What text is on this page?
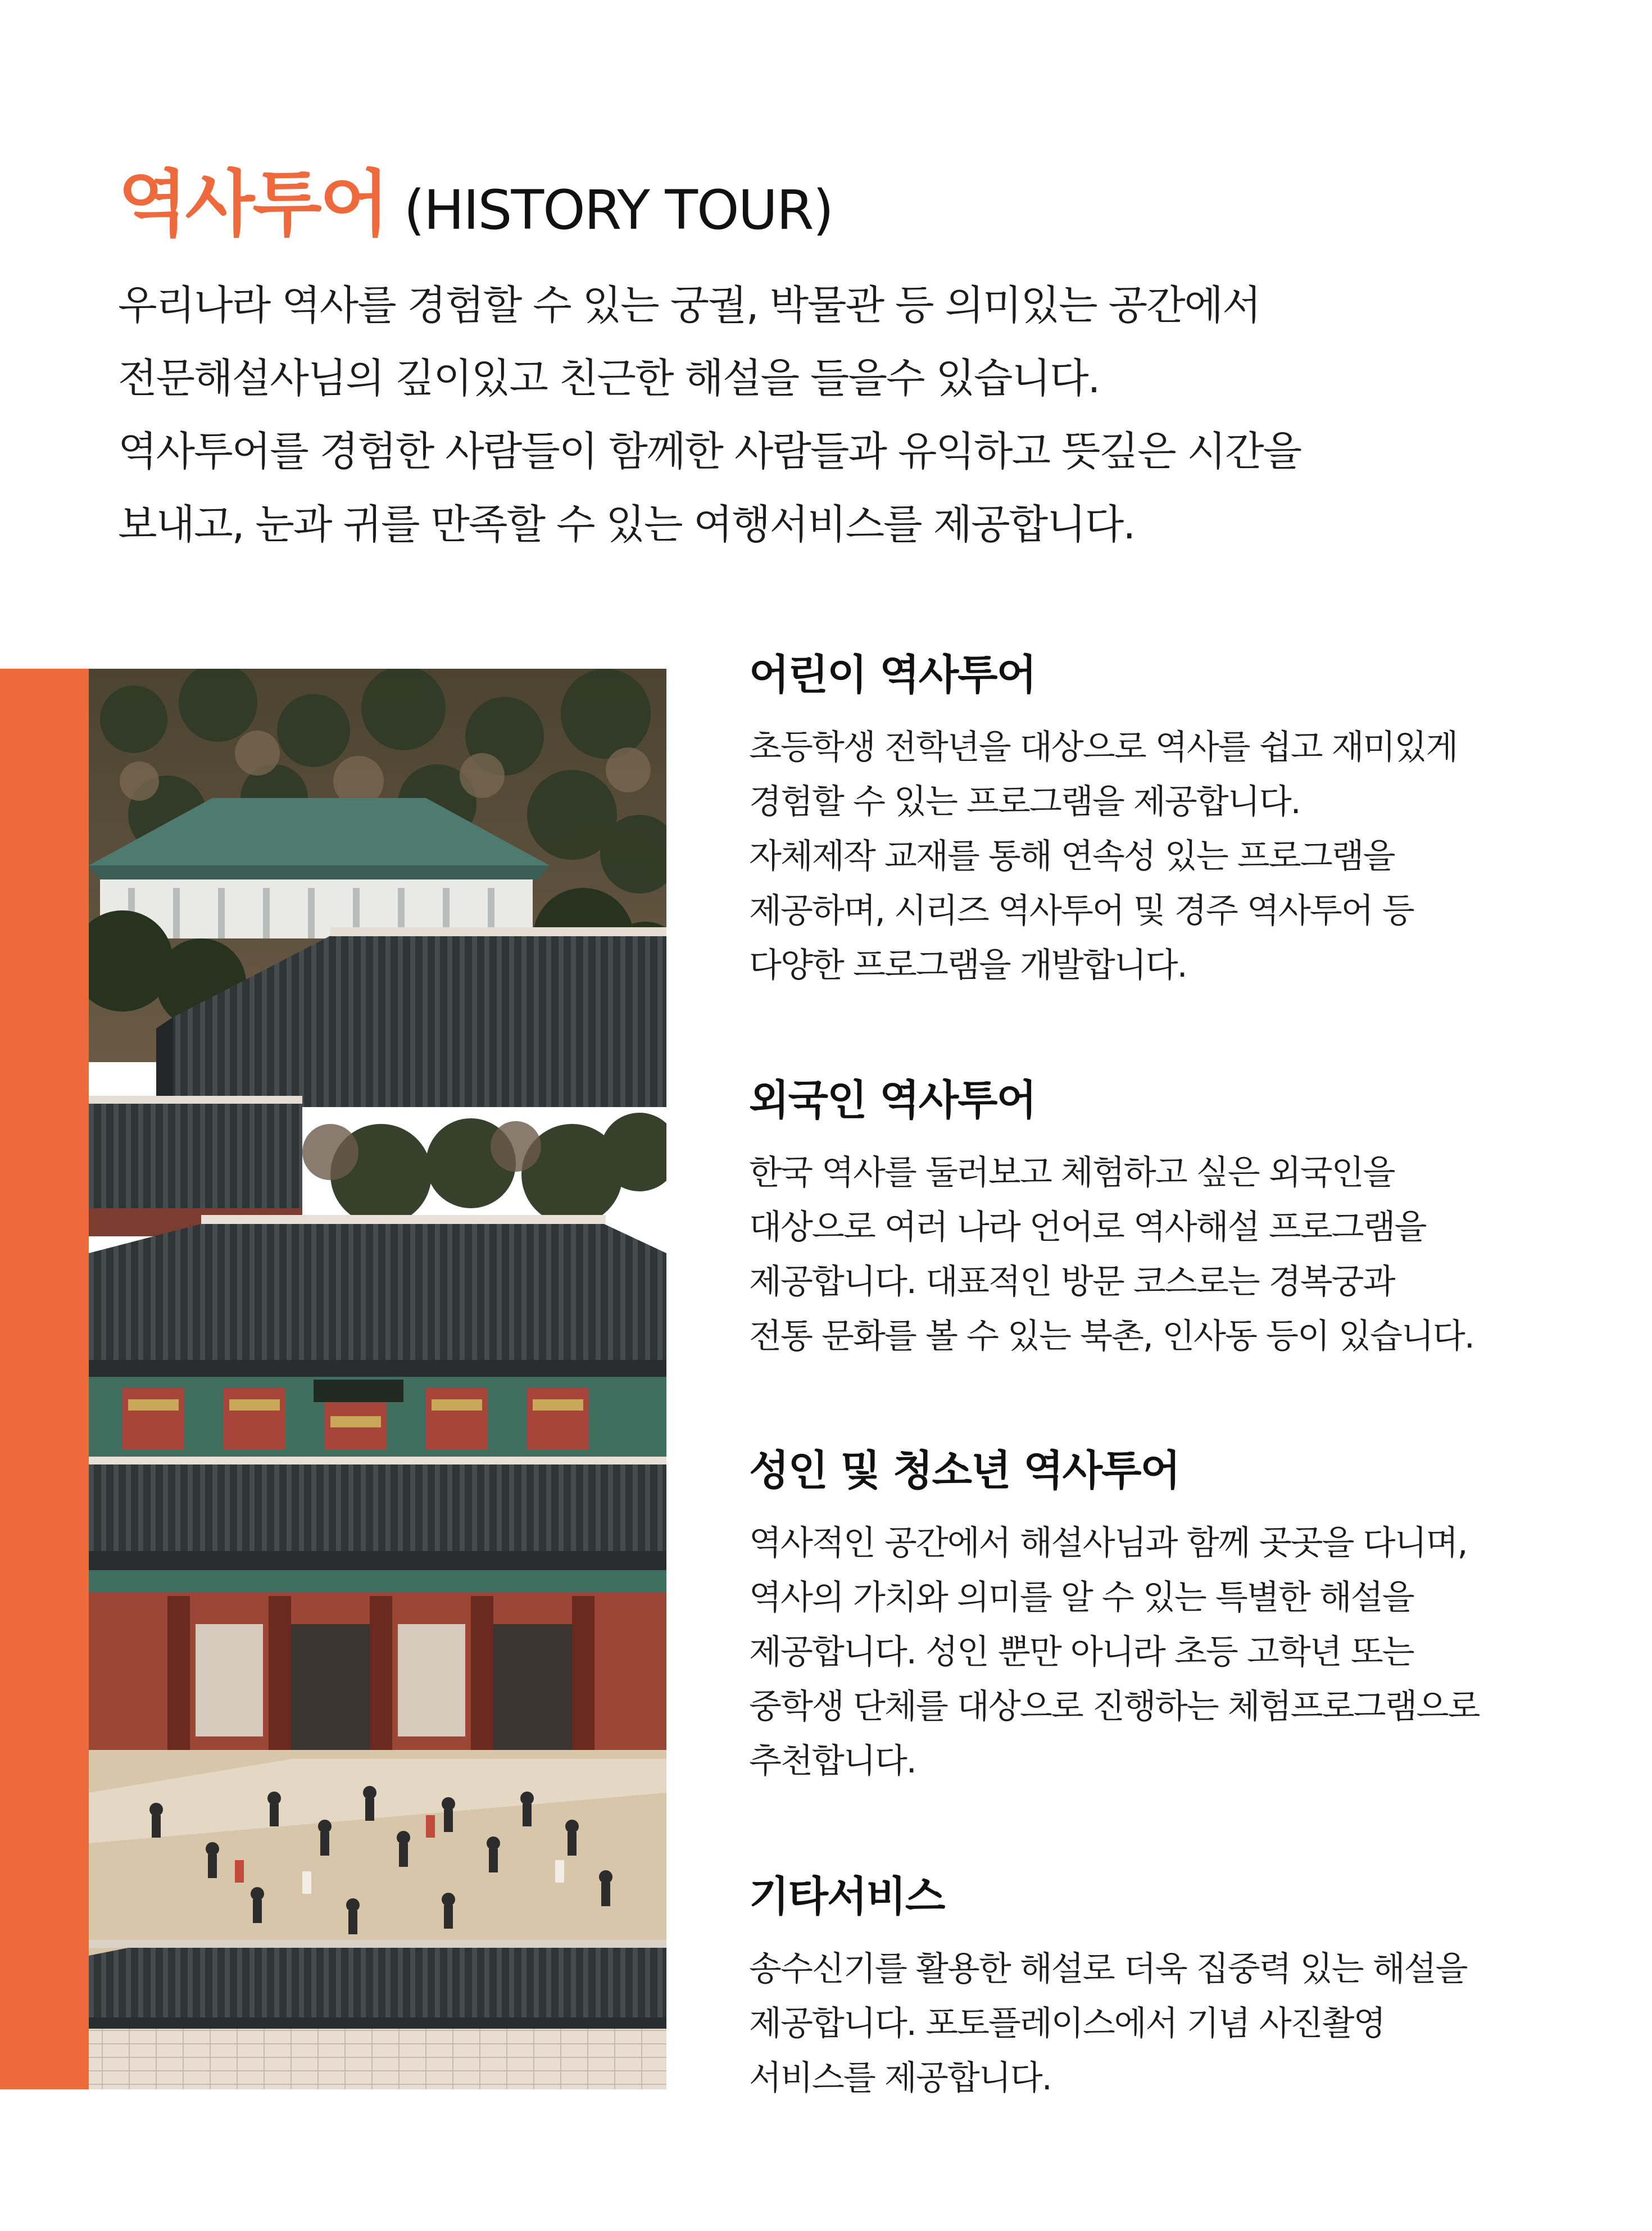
역사투어 (HISTORY TOUR)
우리나라 역사를 경험할 수 있는 궁궐, 박물관 등 의미있는 공간에서
전문해설사님의 깊이있고 친근한 해설을 들을수 있습니다.
역사투어를 경험한 사람들이 함께한 사람들과 유익하고 뜻깊은 시간을
보내고, 눈과 귀를 만족할 수 있는 여행서비스를 제공합니다.
어린이 역사투어
초등학생 전학년을 대상으로 역사를 쉽고 재미있게
경험할 수 있는 프로그램을 제공합니다.
자체제작 교재를 통해 연속성 있는 프로그램을
제공하며, 시리즈 역사투어 및 경주 역사투어 등
다양한 프로그램을 개발합니다.
외국인 역사투어
한국 역사를 둘러보고 체험하고 싶은 외국인을
대상으로 여러 나라 언어로 역사해설 프로그램을
제공합니다. 대표적인 방문 코스로는 경복궁과
전통 문화를 볼 수 있는 북촌, 인사동 등이 있습니다.
성인 및 청소년 역사투어
역사적인 공간에서 해설사님과 함께 곳곳을 다니며,
역사의 가치와 의미를 알 수 있는 특별한 해설을
제공합니다. 성인 뿐만 아니라 초등 고학년 또는
중학생 단체를 대상으로 진행하는 체험프로그램으로
추천합니다.
기타서비스
송수신기를 활용한 해설로 더욱 집중력 있는 해설을
제공합니다. 포토플레이스에서 기념 사진촬영
서비스를 제공합니다.
